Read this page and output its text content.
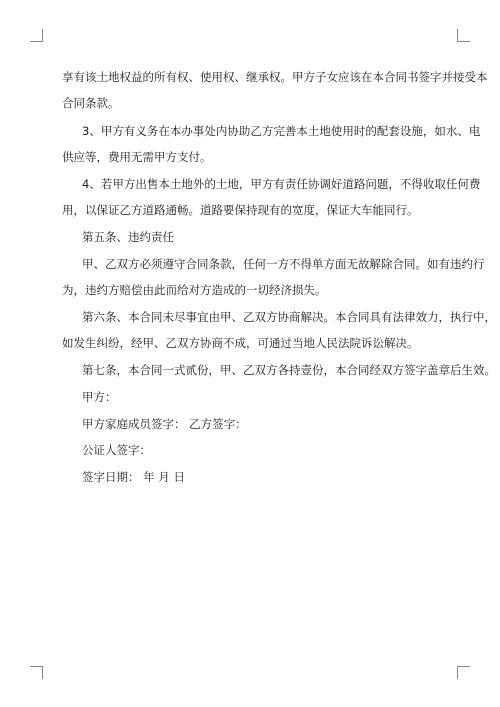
享有该土地权益的所有权、使用权、继承权。甲方子女应该在本合同书签字并接受本
合同条款。
3、甲方有义务在本办事处内协助乙方完善本土地使用时的配套设施，如水、电
供应等，费用无需甲方支付。
4、若甲方出售本土地外的土地，甲方有责任协调好道路问题，不得收取任何费
用，以保证乙方道路通畅。道路要保持现有的宽度，保证大车能同行。
第五条、违约责任
甲、乙双方必须遵守合同条款，任何一方不得单方面无故解除合同。如有违约行
为，违约方赔偿由此而给对方造成的一切经济损失。
第六条、本合同未尽事宜由甲、乙双方协商解决。本合同具有法律效力，执行中，
如发生纠纷，经甲、乙双方协商不成，可通过当地人民法院诉讼解决。
第七条，本合同一式贰份，甲、乙双方各持壹份，本合同经双方签字盖章后生效。
甲方：
甲方家庭成员签字： 乙方签字：
公证人签字：
签字日期： 年 月 日
